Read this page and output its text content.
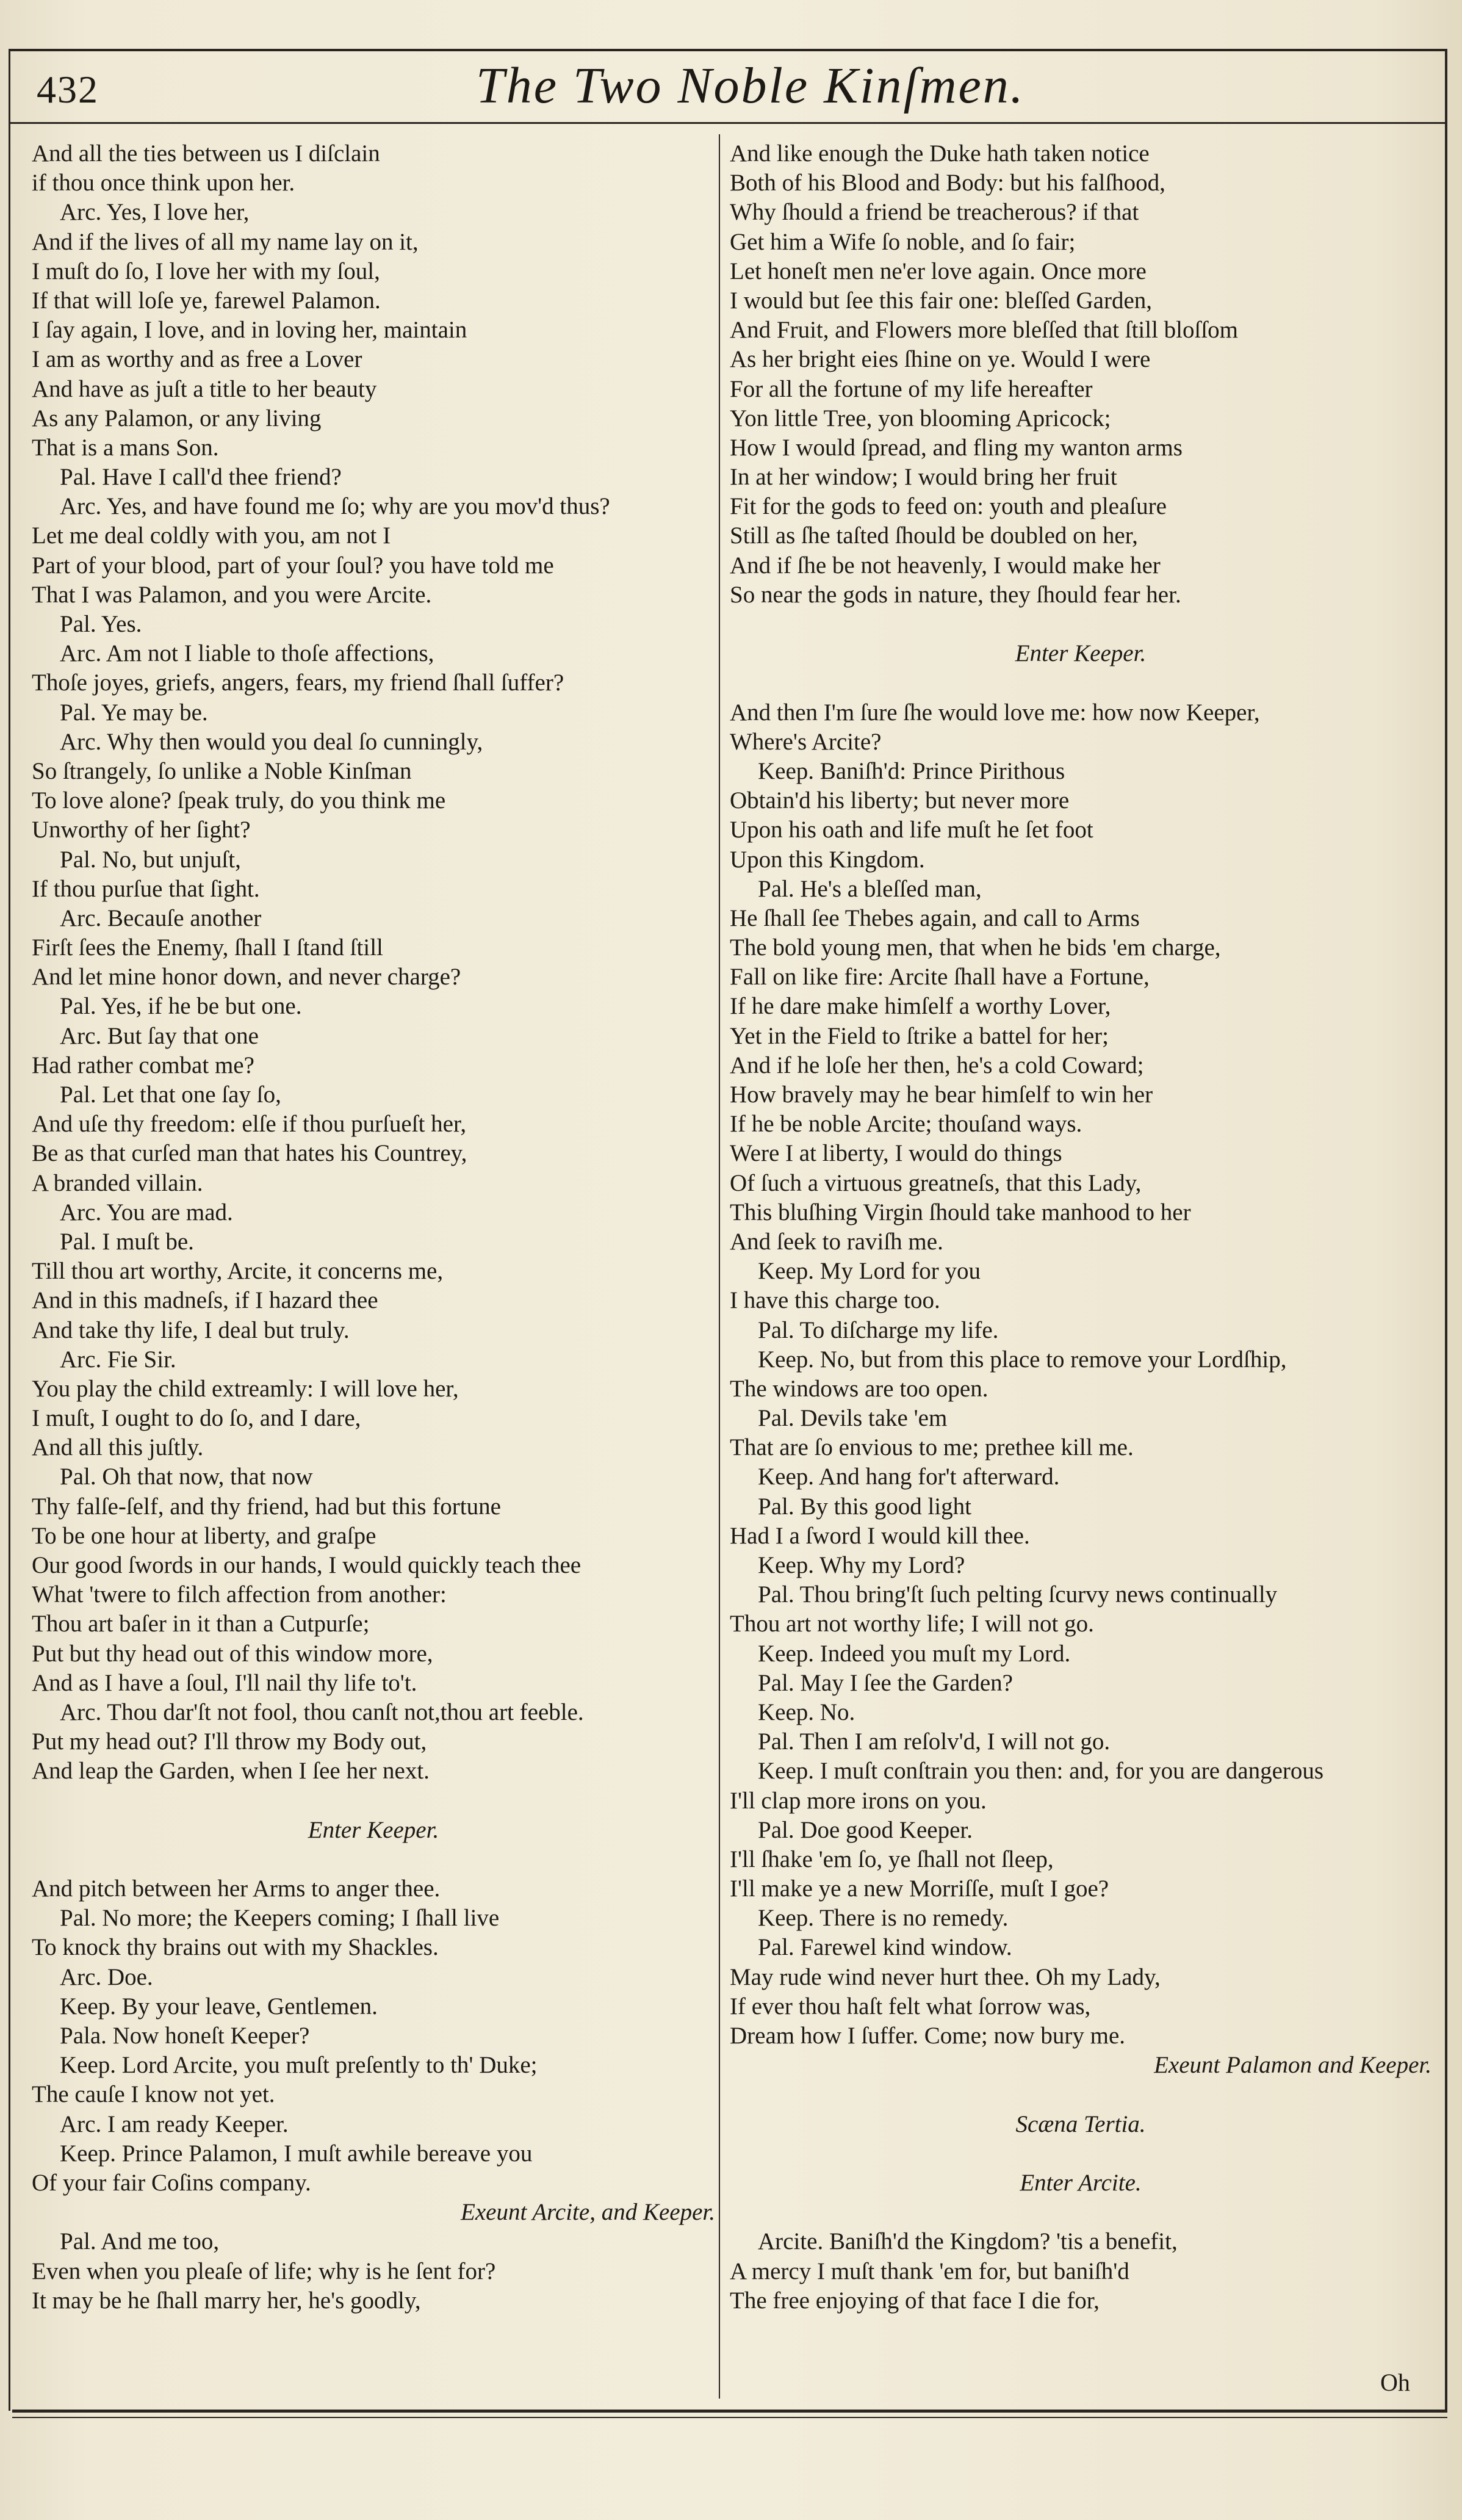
432	The Two Noble Kinſmen.
And all the ties between us I diſclain
if thou once think upon her.
Arc. Yes, I love her,
And if the lives of all my name lay on it,
I muſt do ſo, I love her with my ſoul,
If that will loſe ye, farewel Palamon.
I ſay again, I love, and in loving her, maintain
I am as worthy and as free a Lover
And have as juſt a title to her beauty
As any Palamon, or any living
That is a mans Son.
Pal. Have I call'd thee friend?
Arc. Yes, and have found me ſo; why are you mov'd thus?
Let me deal coldly with you, am not I
Part of your blood, part of your ſoul? you have told me
That I was Palamon, and you were Arcite.
Pal. Yes.
Arc. Am not I liable to thoſe affections,
Thoſe joyes, griefs, angers, fears, my friend ſhall ſuffer?
Pal. Ye may be.
Arc. Why then would you deal ſo cunningly,
So ſtrangely, ſo unlike a Noble Kinſman
To love alone? ſpeak truly, do you think me
Unworthy of her ſight?
Pal. No, but unjuſt,
If thou purſue that ſight.
Arc. Becauſe another
Firſt ſees the Enemy, ſhall I ſtand ſtill
And let mine honor down, and never charge?
Pal. Yes, if he be but one.
Arc. But ſay that one
Had rather combat me?
Pal. Let that one ſay ſo,
And uſe thy freedom: elſe if thou purſueſt her,
Be as that curſed man that hates his Countrey,
A branded villain.
Arc. You are mad.
Pal. I muſt be.
Till thou art worthy, Arcite, it concerns me,
And in this madneſs, if I hazard thee
And take thy life, I deal but truly.
Arc. Fie Sir.
You play the child extreamly: I will love her,
I muſt, I ought to do ſo, and I dare,
And all this juſtly.
Pal. Oh that now, that now
Thy falſe-ſelf, and thy friend, had but this fortune
To be one hour at liberty, and graſpe
Our good ſwords in our hands, I would quickly teach thee
What 'twere to filch affection from another:
Thou art baſer in it than a Cutpurſe;
Put but thy head out of this window more,
And as I have a ſoul, I'll nail thy life to't.
Arc. Thou dar'ſt not fool, thou canſt not,thou art feeble.
Put my head out? I'll throw my Body out,
And leap the Garden, when I ſee her next.
Enter Keeper.
And pitch between her Arms to anger thee.
Pal. No more; the Keepers coming; I ſhall live
To knock thy brains out with my Shackles.
Arc. Doe.
Keep. By your leave, Gentlemen.
Pala. Now honeſt Keeper?
Keep. Lord Arcite, you muſt preſently to th' Duke;
The cauſe I know not yet.
Arc. I am ready Keeper.
Keep. Prince Palamon, I muſt awhile bereave you
Of your fair Coſins company.
Exeunt Arcite, and Keeper.
Pal. And me too,
Even when you pleaſe of life; why is he ſent for?
It may be he ſhall marry her, he's goodly,
And like enough the Duke hath taken notice
Both of his Blood and Body: but his falſhood,
Why ſhould a friend be treacherous? if that
Get him a Wife ſo noble, and ſo fair;
Let honeſt men ne'er love again. Once more
I would but ſee this fair one: bleſſed Garden,
And Fruit, and Flowers more bleſſed that ſtill bloſſom
As her bright eies ſhine on ye. Would I were
For all the fortune of my life hereafter
Yon little Tree, yon blooming Apricock;
How I would ſpread, and fling my wanton arms
In at her window; I would bring her fruit
Fit for the gods to feed on: youth and pleaſure
Still as ſhe taſted ſhould be doubled on her,
And if ſhe be not heavenly, I would make her
So near the gods in nature, they ſhould fear her.
Enter Keeper.
And then I'm ſure ſhe would love me: how now Keeper,
Where's Arcite?
Keep. Baniſh'd: Prince Pirithous
Obtain'd his liberty; but never more
Upon his oath and life muſt he ſet foot
Upon this Kingdom.
Pal. He's a bleſſed man,
He ſhall ſee Thebes again, and call to Arms
The bold young men, that when he bids 'em charge,
Fall on like fire: Arcite ſhall have a Fortune,
If he dare make himſelf a worthy Lover,
Yet in the Field to ſtrike a battel for her;
And if he loſe her then, he's a cold Coward;
How bravely may he bear himſelf to win her
If he be noble Arcite; thouſand ways.
Were I at liberty, I would do things
Of ſuch a virtuous greatneſs, that this Lady,
This bluſhing Virgin ſhould take manhood to her
And ſeek to raviſh me.
Keep. My Lord for you
I have this charge too.
Pal. To diſcharge my life.
Keep. No, but from this place to remove your Lordſhip,
The windows are too open.
Pal. Devils take 'em
That are ſo envious to me; prethee kill me.
Keep. And hang for't afterward.
Pal. By this good light
Had I a ſword I would kill thee.
Keep. Why my Lord?
Pal. Thou bring'ſt ſuch pelting ſcurvy news continually
Thou art not worthy life; I will not go.
Keep. Indeed you muſt my Lord.
Pal. May I ſee the Garden?
Keep. No.
Pal. Then I am reſolv'd, I will not go.
Keep. I muſt conſtrain you then: and, for you are dangerous
I'll clap more irons on you.
Pal. Doe good Keeper.
I'll ſhake 'em ſo, ye ſhall not ſleep,
I'll make ye a new Morriſſe, muſt I goe?
Keep. There is no remedy.
Pal. Farewel kind window.
May rude wind never hurt thee. Oh my Lady,
If ever thou haſt felt what ſorrow was,
Dream how I ſuffer. Come; now bury me.
Exeunt Palamon and Keeper.
Scæna Tertia.
Enter Arcite.
Arcite. Baniſh'd the Kingdom? 'tis a benefit,
A mercy I muſt thank 'em for, but baniſh'd
The free enjoying of that face I die for,
Oh
